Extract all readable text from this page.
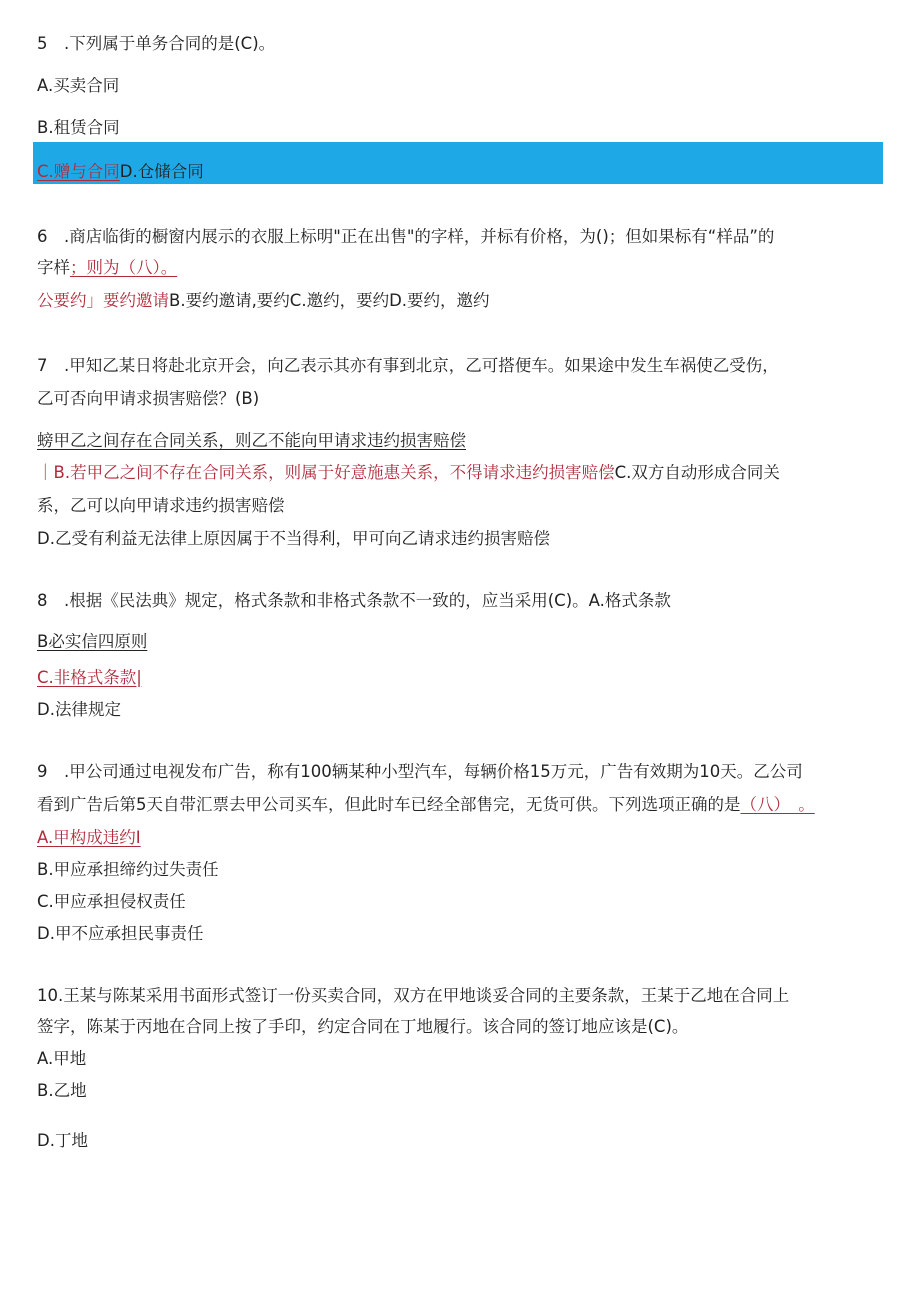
5　.下列属于单务合同的是(C)。
A.买卖合同
B.租赁合同
C.赠与合同D.仓储合同
6　.商店临街的橱窗内展示的衣服上标明"正在出售"的字样，并标有价格，为()；但如果标有“样品”的
字样；则为（八）。
公要约」要约邀请B.要约邀请,要约C.邀约，要约D.要约，邀约
7　.甲知乙某日将赴北京开会，向乙表示其亦有事到北京，乙可搭便车。如果途中发生车祸使乙受伤，
乙可否向甲请求损害赔偿？(B)
螃甲乙之间存在合同关系，则乙不能向甲请求违约损害赔偿
｜B.若甲乙之间不存在合同关系，则属于好意施惠关系，不得请求违约损害赔偿C.双方自动形成合同关
系，乙可以向甲请求违约损害赔偿
D.乙受有利益无法律上原因属于不当得利，甲可向乙请求违约损害赔偿
8　.根据《民法典》规定，格式条款和非格式条款不一致的，应当采用(C)。A.格式条款
B必实信四原则
C.非格式条款|
D.法律规定
9　.甲公司通过电视发布广告，称有100辆某种小型汽车，每辆价格15万元，广告有效期为10天。乙公司
看到广告后第5天自带汇票去甲公司买车，但此时车已经全部售完，无货可供。下列选项正确的是（八）　。
A.甲构成违约I
B.甲应承担缔约过失责任
C.甲应承担侵权责任
D.甲不应承担民事责任
10.王某与陈某采用书面形式签订一份买卖合同，双方在甲地谈妥合同的主要条款，王某于乙地在合同上
签字，陈某于丙地在合同上按了手印，约定合同在丁地履行。该合同的签订地应该是(C)。
A.甲地
B.乙地
D.丁地
